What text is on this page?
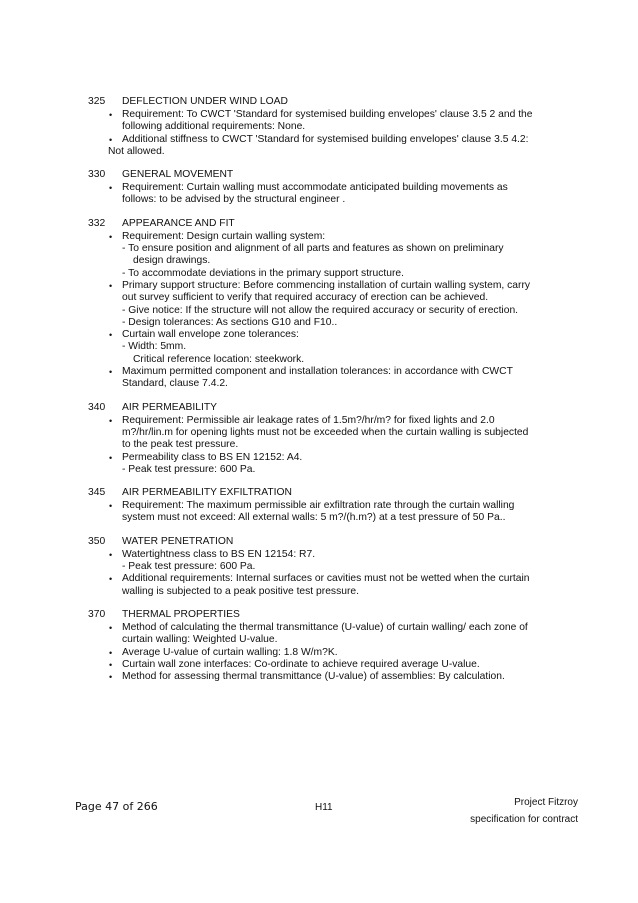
325 DEFLECTION UNDER WIND LOAD
• Requirement: To CWCT 'Standard for systemised building envelopes' clause 3.5 2 and the
following additional requirements: None.
• Additional stiffness to CWCT 'Standard for systemised building envelopes' clause 3.5 4.2:
Not allowed.
330 GENERAL MOVEMENT
• Requirement: Curtain walling must accommodate anticipated building movements as
follows: to be advised by the structural engineer .
332 APPEARANCE AND FIT
• Requirement: Design curtain walling system:
- To ensure position and alignment of all parts and features as shown on preliminary
design drawings.
- To accommodate deviations in the primary support structure.
• Primary support structure: Before commencing installation of curtain walling system, carry
out survey sufficient to verify that required accuracy of erection can be achieved.
- Give notice: If the structure will not allow the required accuracy or security of erection.
- Design tolerances: As sections G10 and F10..
• Curtain wall envelope zone tolerances:
- Width: 5mm.
Critical reference location: steekwork.
• Maximum permitted component and installation tolerances: in accordance with CWCT
Standard, clause 7.4.2.
340 AIR PERMEABILITY
• Requirement: Permissible air leakage rates of 1.5m?/hr/m? for fixed lights and 2.0
m?/hr/lin.m for opening lights must not be exceeded when the curtain walling is subjected
to the peak test pressure.
• Permeability class to BS EN 12152: A4.
- Peak test pressure: 600 Pa.
345 AIR PERMEABILITY EXFILTRATION
• Requirement: The maximum permissible air exfiltration rate through the curtain walling
system must not exceed: All external walls: 5 m?/(h.m?) at a test pressure of 50 Pa..
350 WATER PENETRATION
• Watertightness class to BS EN 12154: R7.
- Peak test pressure: 600 Pa.
• Additional requirements: Internal surfaces or cavities must not be wetted when the curtain
walling is subjected to a peak positive test pressure.
370 THERMAL PROPERTIES
• Method of calculating the thermal transmittance (U-value) of curtain walling/ each zone of
curtain walling: Weighted U-value.
• Average U-value of curtain walling: 1.8 W/m?K.
• Curtain wall zone interfaces: Co-ordinate to achieve required average U-value.
• Method for assessing thermal transmittance (U-value) of assemblies: By calculation.
Page 47 of 266	H11	Project Fitzroy
specification for contract
